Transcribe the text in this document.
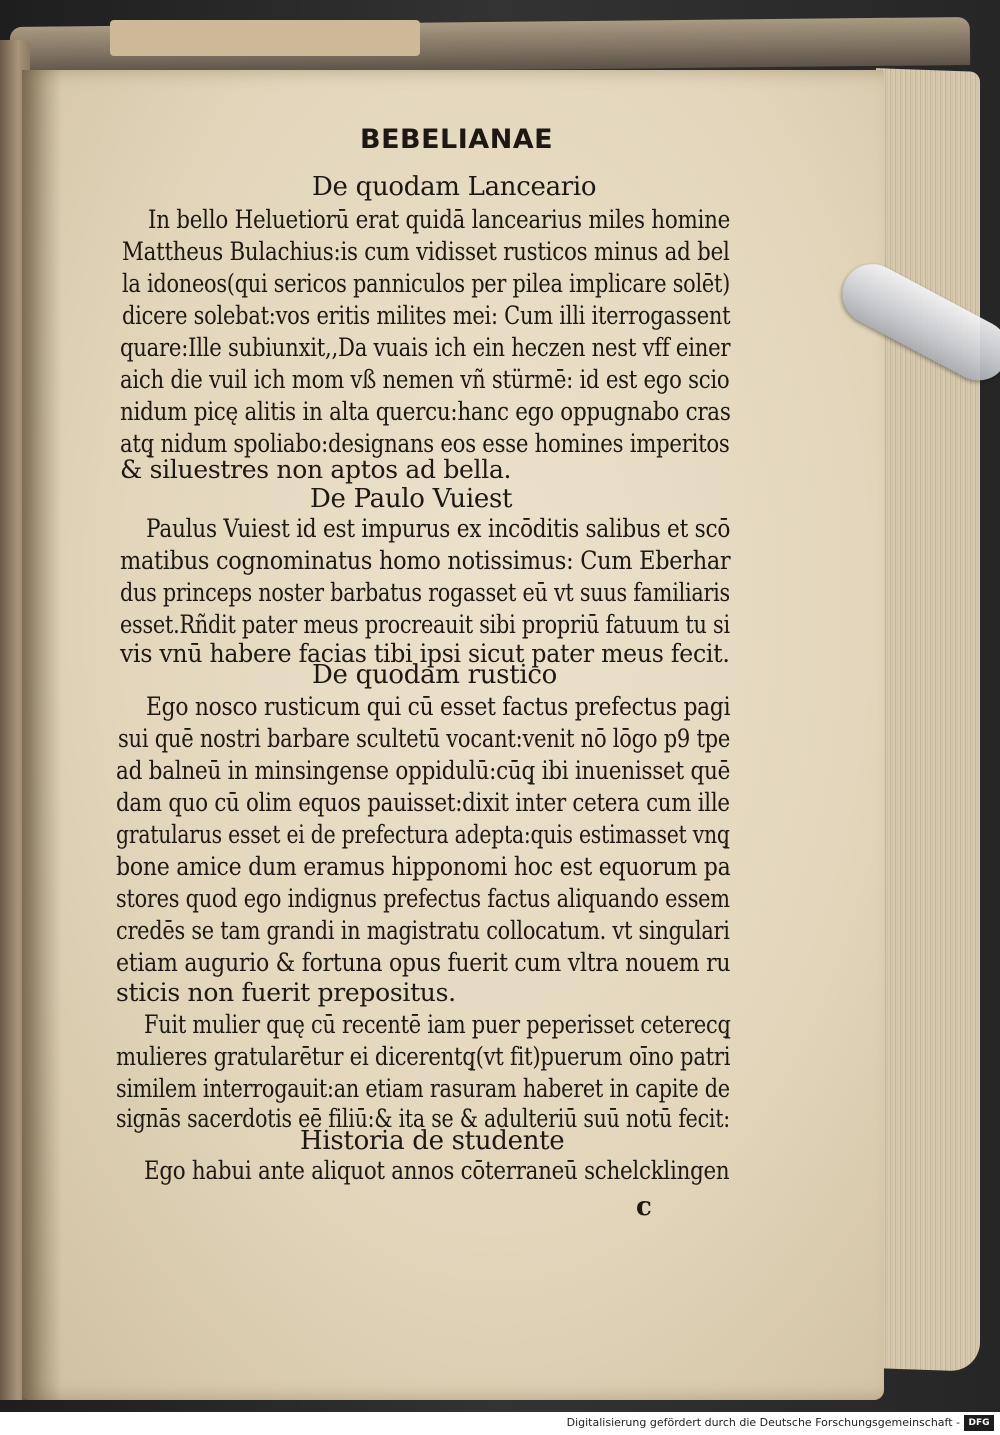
BEBELIANAE
De quodam Lanceario
In bello Heluetiorū erat quidā lancearius miles homine
Mattheus Bulachius:is cum vidisset rusticos minus ad bel
la idoneos(qui sericos panniculos per pilea implicare solēt)
dicere solebat:vos eritis milites mei: Cum illi iterrogassent
quare:Ille subiunxit,,Da vuais ich ein heczen nest vff einer
aich die vuil ich mom vß nemen vñ stürmē: id est ego scio
nidum picę alitis in alta quercu:hanc ego oppugnabo cras
atq̧ nidum spoliabo:designans eos esse homines imperitos
& siluestres non aptos ad bella.
De Paulo Vuiest
Paulus Vuiest id est impurus ex incōditis salibus et scō
matibus cognominatus homo notissimus: Cum Eberhar
dus princeps noster barbatus rogasset eū vt suus familiaris
esset.Rñdit pater meus procreauit sibi propriū fatuum tu si
vis vnū habere facias tibi ipsi sicut pater meus fecit.
De quodam rustico
Ego nosco rusticum qui cū esset factus prefectus pagi
sui quē nostri barbare scultetū vocant:venit nō lōgo p9 tpe
ad balneū in minsingense oppidulū:cūq̧ ibi inuenisset quē
dam quo cū olim equos pauisset:dixit inter cetera cum ille
gratularus esset ei de prefectura adepta:quis estimasset vnq̧
bone amice dum eramus hipponomi hoc est equorum pa
stores quod ego indignus prefectus factus aliquando essem
credēs se tam grandi in magistratu collocatum. vt singulari
etiam augurio & fortuna opus fuerit cum vltra nouem ru
sticis non fuerit prepositus.
Fuit mulier quę cū recentē iam puer peperisset ceterecq̧
mulieres gratularētur ei dicerentq̧(vt fit)puerum oīno patri
similem interrogauit:an etiam rasuram haberet in capite de
signās sacerdotis eē filiū:& ita se & adulteriū suū notū fecit:
Historia de studente
Ego habui ante aliquot annos cōterraneū schelcklingen
c
Digitalisierung gefördert durch die Deutsche Forschungsgemeinschaft - DFG
